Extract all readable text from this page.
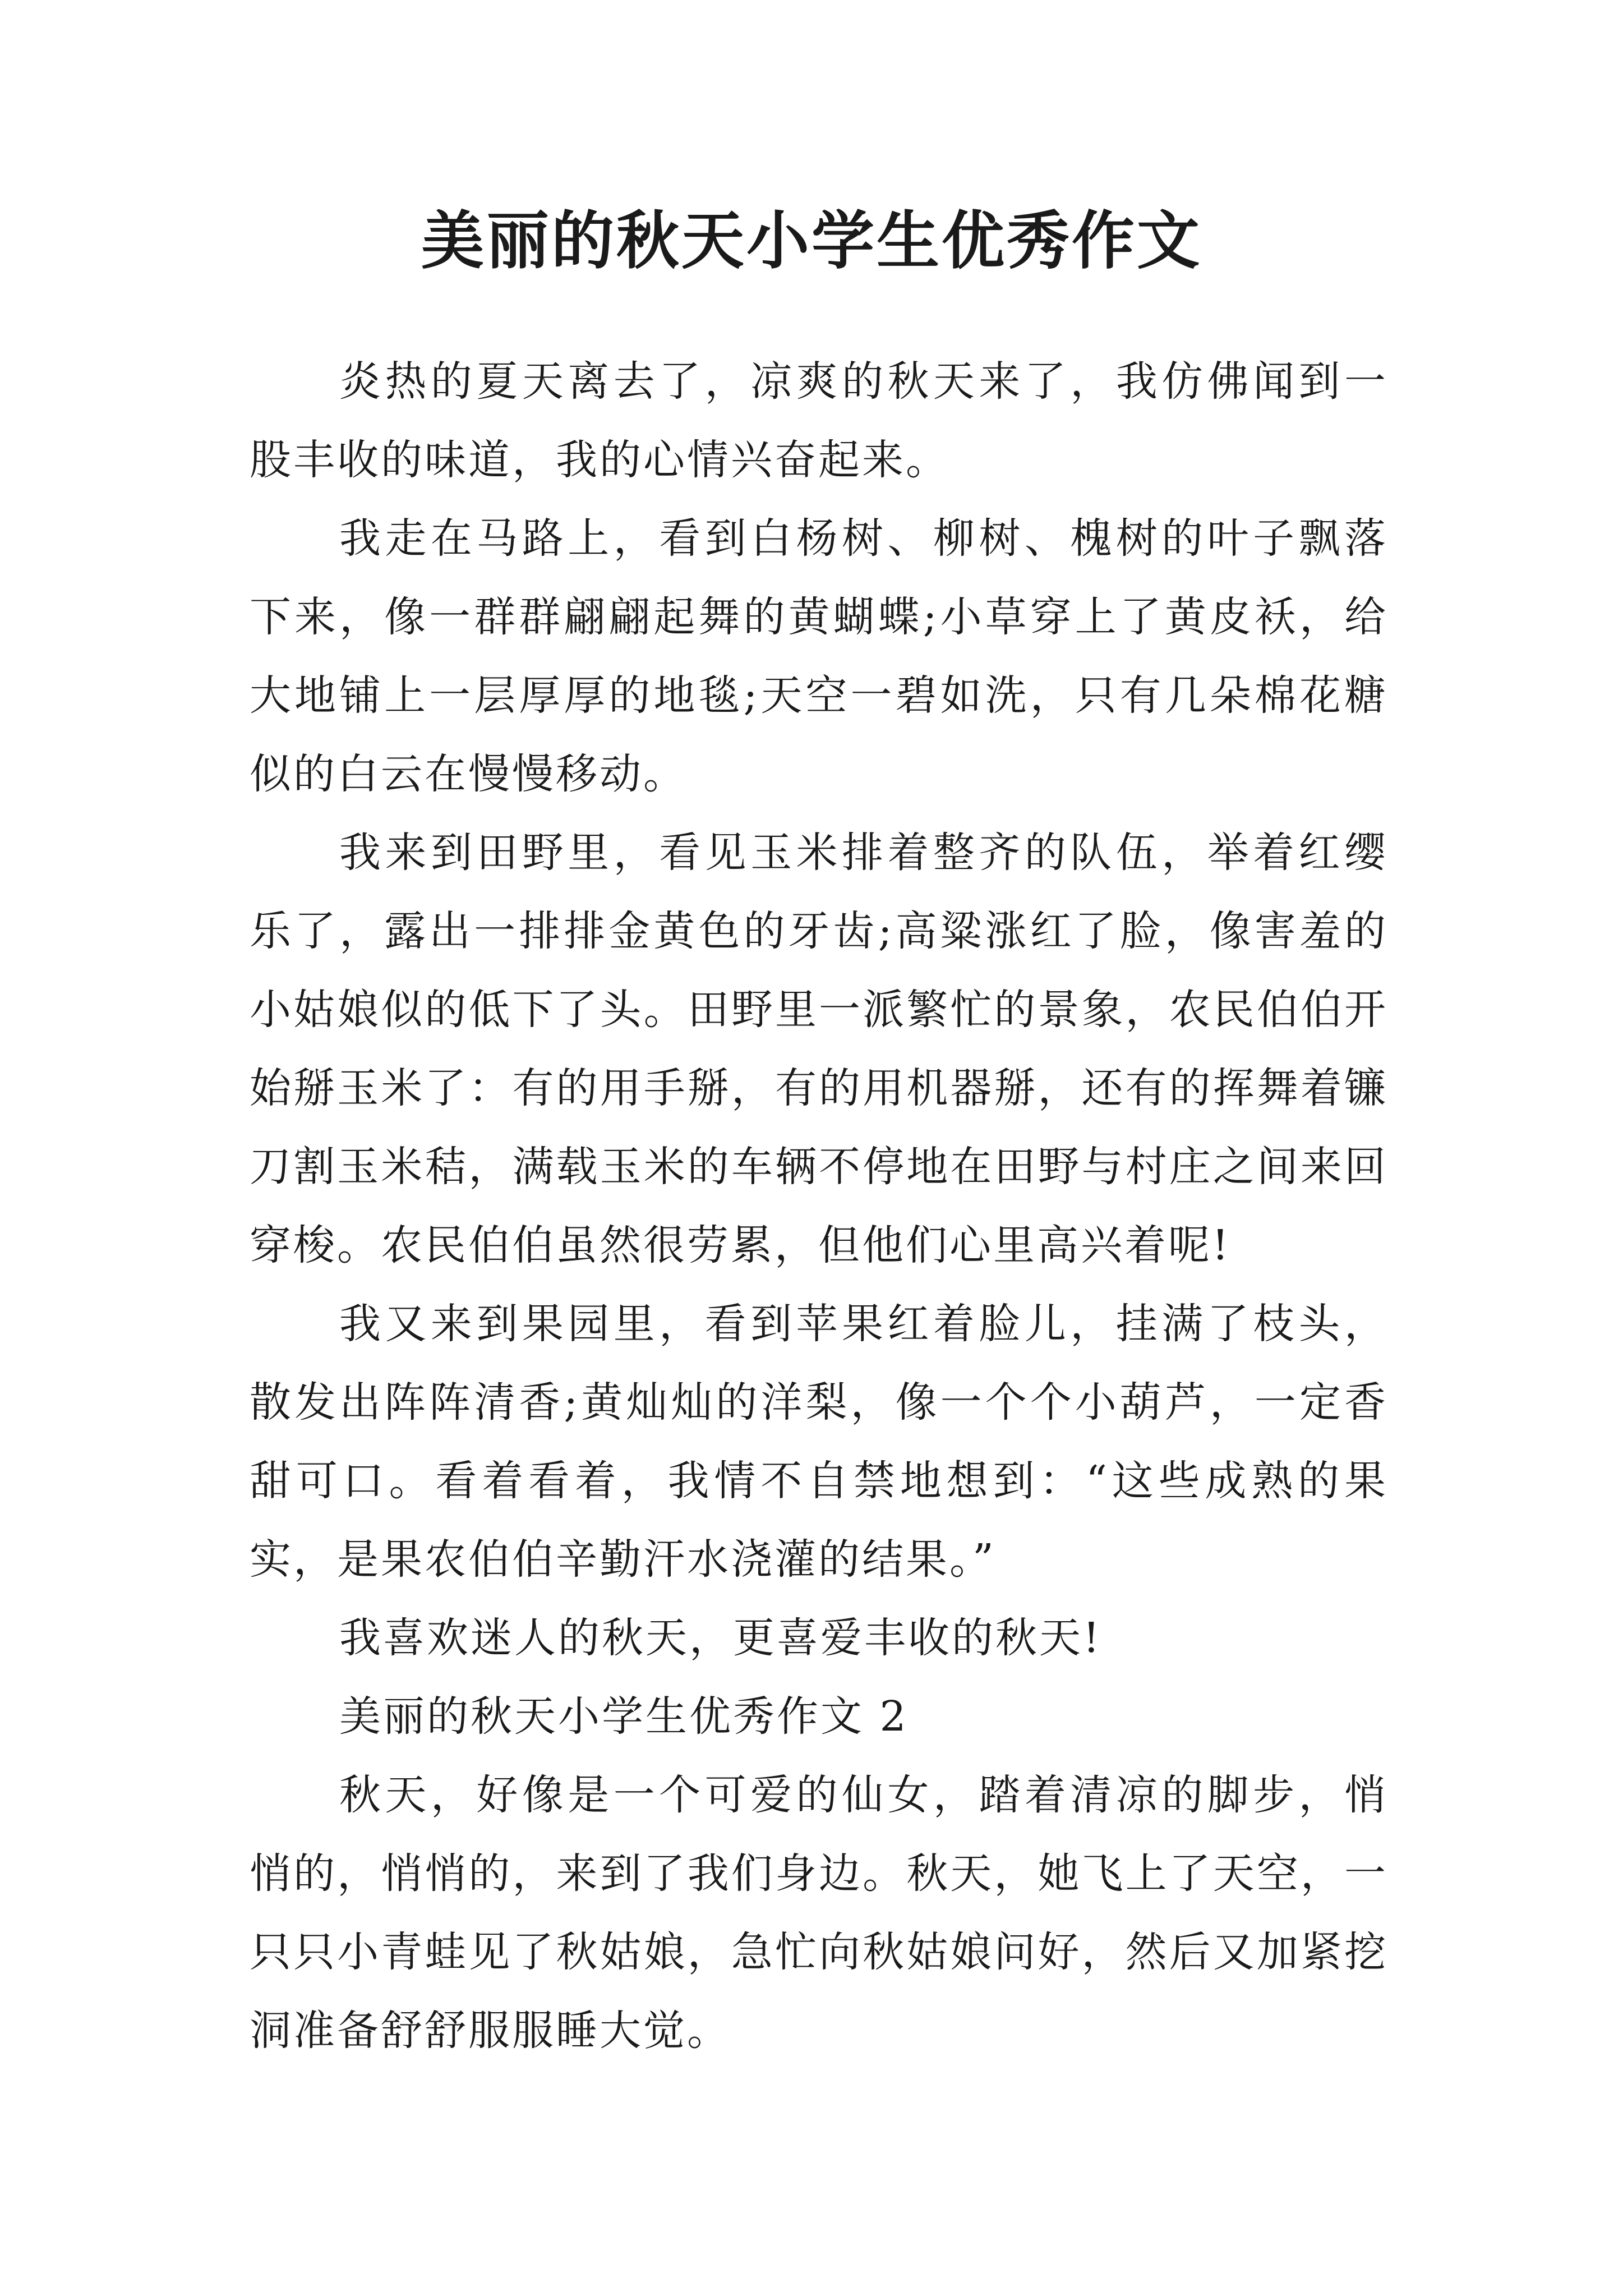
美丽的秋天小学生优秀作文

炎热的夏天离去了，凉爽的秋天来了，我仿佛闻到一股丰收的味道，我的心情兴奋起来。

我走在马路上，看到白杨树、柳树、槐树的叶子飘落下来，像一群群翩翩起舞的黄蝴蝶;小草穿上了黄皮袄，给大地铺上一层厚厚的地毯;天空一碧如洗，只有几朵棉花糖似的白云在慢慢移动。

我来到田野里，看见玉米排着整齐的队伍，举着红缨乐了，露出一排排金黄色的牙齿;高粱涨红了脸，像害羞的小姑娘似的低下了头。田野里一派繁忙的景象，农民伯伯开始掰玉米了：有的用手掰，有的用机器掰，还有的挥舞着镰刀割玉米秸，满载玉米的车辆不停地在田野与村庄之间来回穿梭。农民伯伯虽然很劳累，但他们心里高兴着呢!

我又来到果园里，看到苹果红着脸儿，挂满了枝头，散发出阵阵清香;黄灿灿的洋梨，像一个个小葫芦，一定香甜可口。看着看着，我情不自禁地想到：“这些成熟的果实，是果农伯伯辛勤汗水浇灌的结果。”

我喜欢迷人的秋天，更喜爱丰收的秋天!

美丽的秋天小学生优秀作文 2

秋天，好像是一个可爱的仙女，踏着清凉的脚步，悄悄的，悄悄的，来到了我们身边。秋天，她飞上了天空，一只只小青蛙见了秋姑娘，急忙向秋姑娘问好，然后又加紧挖洞准备舒舒服服睡大觉。
